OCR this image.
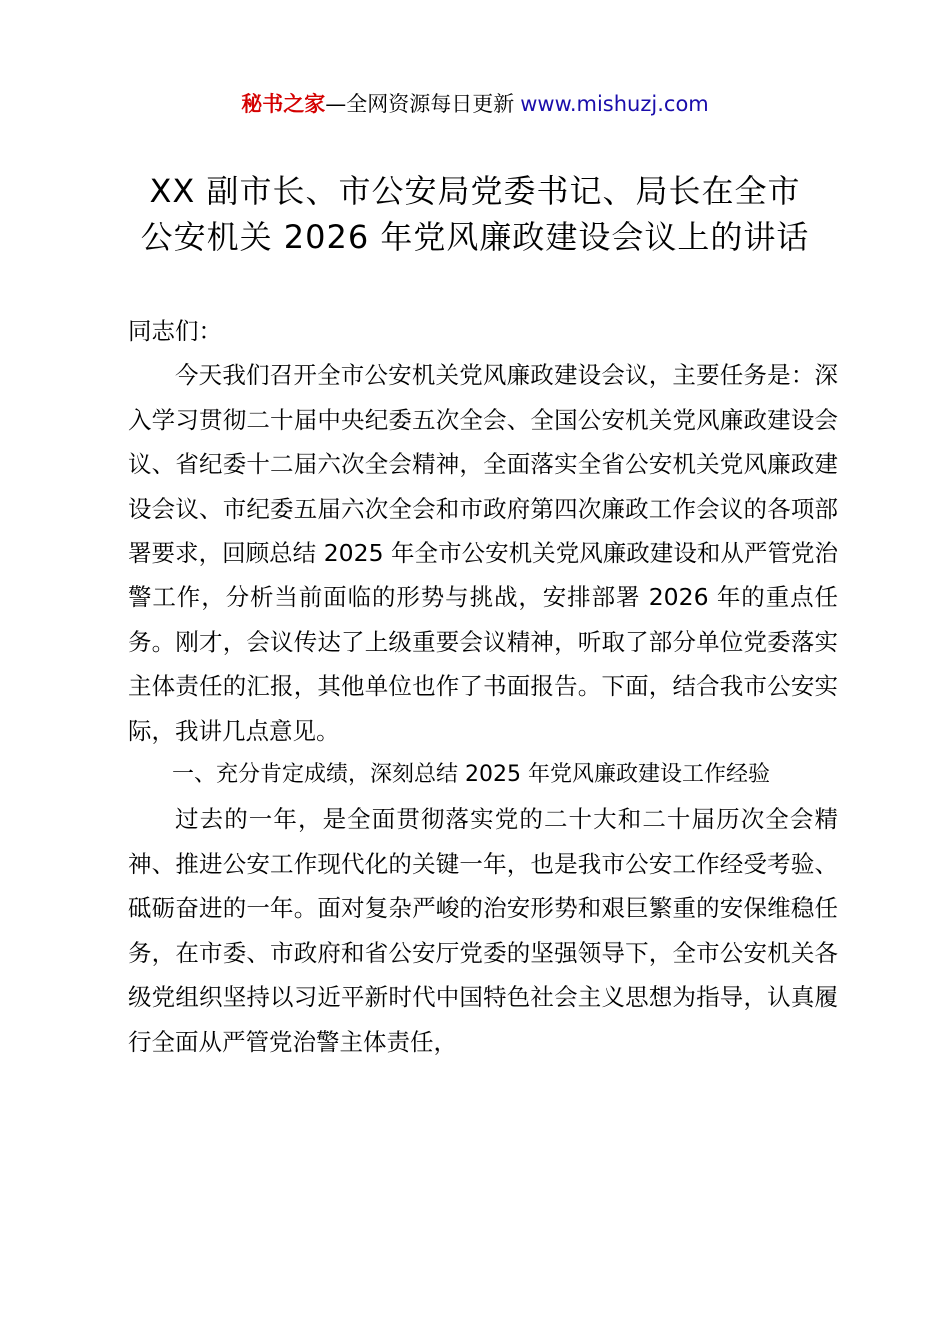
秘书之家—全网资源每日更新 www.mishuzj.com
XX 副市长、市公安局党委书记、局长在全市
公安机关 2026 年党风廉政建设会议上的讲话

同志们：

今天我们召开全市公安机关党风廉政建设会议，主要任务是：深入学习贯彻二十届中央纪委五次全会、全国公安机关党风廉政建设会议、省纪委十二届六次全会精神，全面落实全省公安机关党风廉政建设会议、市纪委五届六次全会和市政府第四次廉政工作会议的各项部署要求，回顾总结 2025 年全市公安机关党风廉政建设和从严管党治警工作，分析当前面临的形势与挑战，安排部署 2026 年的重点任务。刚才，会议传达了上级重要会议精神，听取了部分单位党委落实主体责任的汇报，其他单位也作了书面报告。下面，结合我市公安实际，我讲几点意见。

一、充分肯定成绩，深刻总结 2025 年党风廉政建设工作经验

过去的一年，是全面贯彻落实党的二十大和二十届历次全会精神、推进公安工作现代化的关键一年，也是我市公安工作经受考验、砥砺奋进的一年。面对复杂严峻的治安形势和艰巨繁重的安保维稳任务，在市委、市政府和省公安厅党委的坚强领导下，全市公安机关各级党组织坚持以习近平新时代中国特色社会主义思想为指导，认真履行全面从严管党治警主体责任，
